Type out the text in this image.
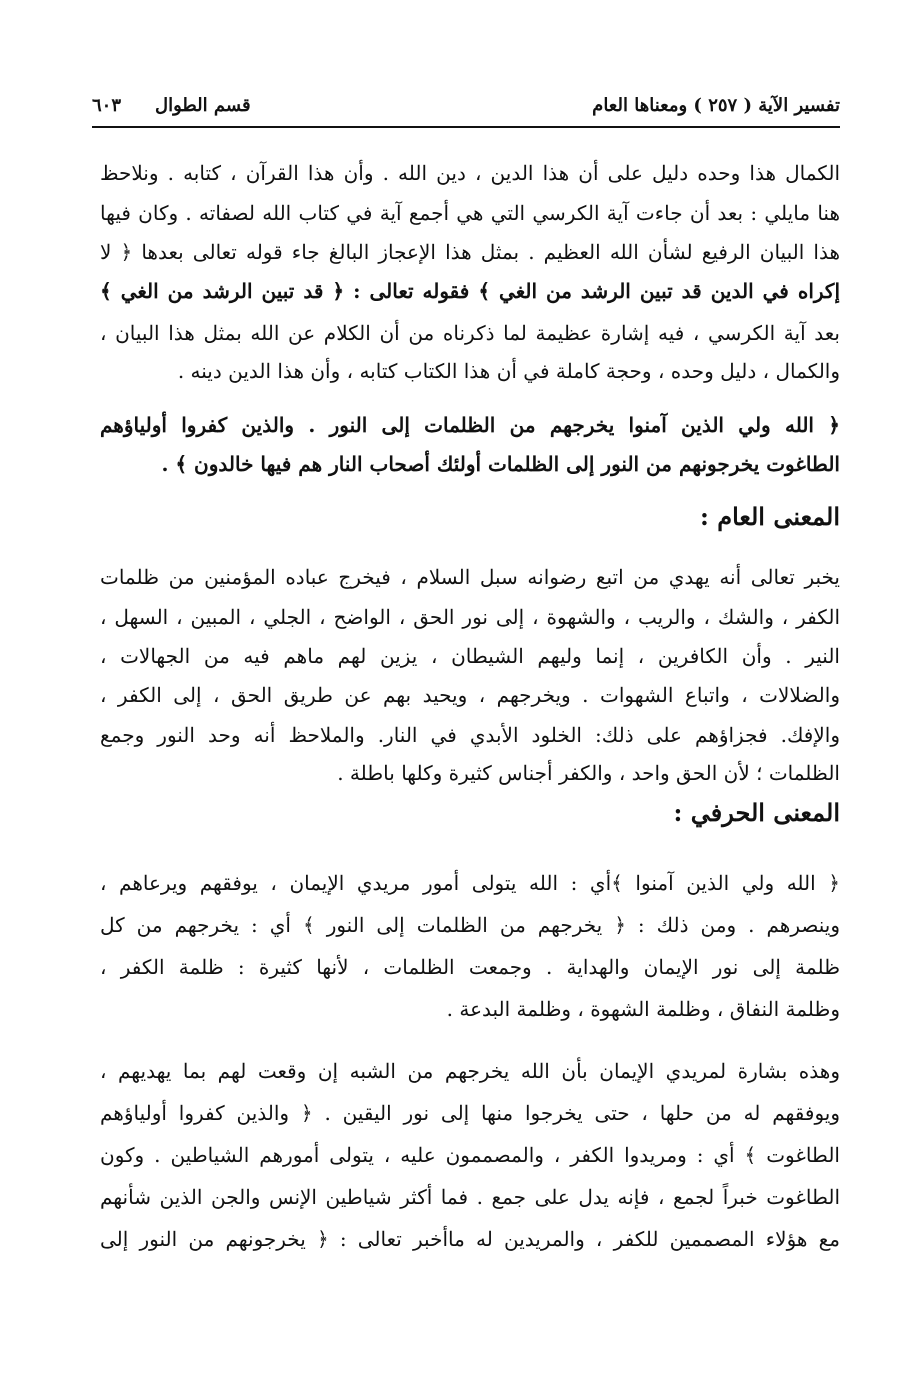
تفسير الآية ( ٢٥٧ ) ومعناها العام
قسم الطوال
٦٠٣
الكمال هذا وحده دليل على أن هذا الدين ، دين الله . وأن هذا القرآن ، كتابه . ونلاحظ
هنا مايلي : بعد أن جاءت آية الكرسي التي هي أجمع آية في كتاب الله لصفاته . وكان فيها
هذا البيان الرفيع لشأن الله العظيم . بمثل هذا الإعجاز البالغ جاء قوله تعالى بعدها ﴿ لا
إكراه في الدين قد تبين الرشد من الغي ﴾ فقوله تعالى : ﴿ قد تبين الرشد من الغي ﴾
بعد آية الكرسي ، فيه إشارة عظيمة لما ذكرناه من أن الكلام عن الله بمثل هذا البيان ،
والكمال ، دليل وحده ، وحجة كاملة في أن هذا الكتاب كتابه ، وأن هذا الدين دينه .
﴿ الله ولي الذين آمنوا يخرجهم من الظلمات إلى النور . والذين كفروا أولياؤهم
الطاغوت يخرجونهم من النور إلى الظلمات أولئك أصحاب النار هم فيها خالدون ﴾ .
المعنى العام :
يخبر تعالى أنه يهدي من اتبع رضوانه سبل السلام ، فيخرج عباده المؤمنين من ظلمات
الكفر ، والشك ، والريب ، والشهوة ، إلى نور الحق ، الواضح ، الجلي ، المبين ، السهل ،
النير . وأن الكافرين ، إنما وليهم الشيطان ، يزين لهم ماهم فيه من الجهالات ،
والضلالات ، واتباع الشهوات . ويخرجهم ، ويحيد بهم عن طريق الحق ، إلى الكفر ،
والإفك. فجزاؤهم على ذلك: الخلود الأبدي في النار. والملاحظ أنه وحد النور وجمع
الظلمات ؛ لأن الحق واحد ، والكفر أجناس كثيرة وكلها باطلة .
المعنى الحرفي :
﴿ الله ولي الذين آمنوا ﴾أي : الله يتولى أمور مريدي الإيمان ، يوفقهم ويرعاهم ،
وينصرهم . ومن ذلك : ﴿ يخرجهم من الظلمات إلى النور ﴾ أي : يخرجهم من كل
ظلمة إلى نور الإيمان والهداية . وجمعت الظلمات ، لأنها كثيرة : ظلمة الكفر ،
وظلمة النفاق ، وظلمة الشهوة ، وظلمة البدعة .
وهذه بشارة لمريدي الإيمان بأن الله يخرجهم من الشبه إن وقعت لهم بما يهديهم ،
ويوفقهم له من حلها ، حتى يخرجوا منها إلى نور اليقين . ﴿ والذين كفروا أولياؤهم
الطاغوت ﴾ أي : ومريدوا الكفر ، والمصممون عليه ، يتولى أمورهم الشياطين . وكون
الطاغوت خبراً لجمع ، فإنه يدل على جمع . فما أكثر شياطين الإنس والجن الذين شأنهم
مع هؤلاء المصممين للكفر ، والمريدين له ماأخبر تعالى : ﴿ يخرجونهم من النور إلى
